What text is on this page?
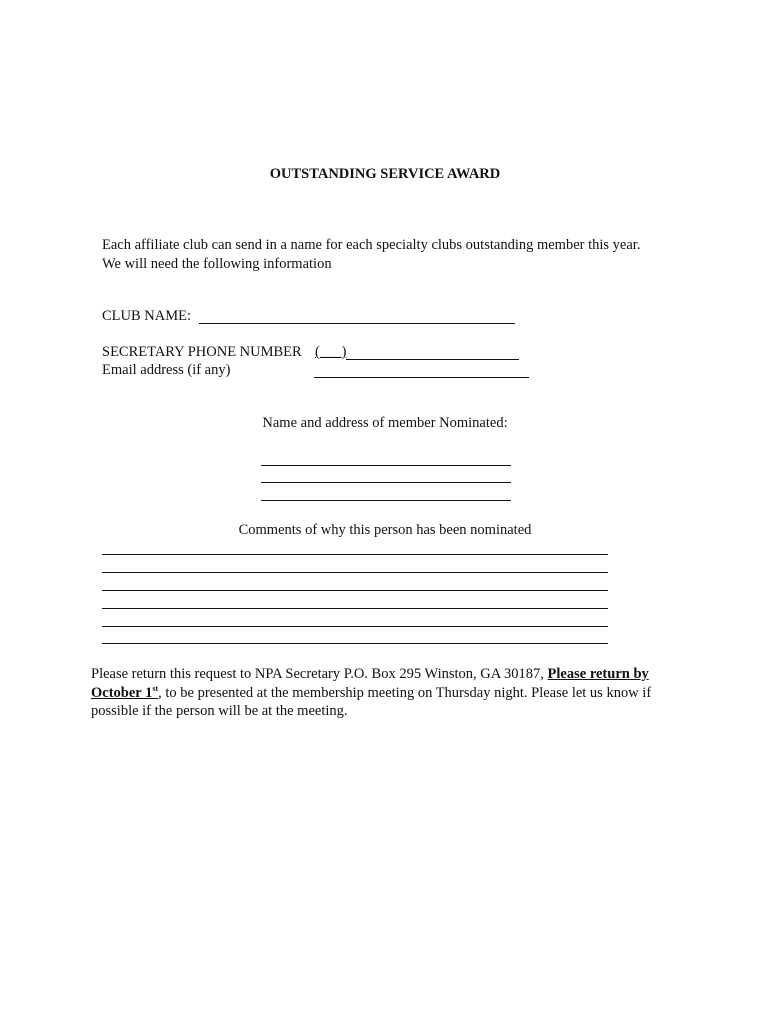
OUTSTANDING SERVICE AWARD
Each affiliate club can send in a name for each specialty clubs outstanding member this year.
We will need the following information
CLUB NAME:
SECRETARY PHONE NUMBER (___)
Email address (if any)
Name and address of member Nominated:
Comments of why this person has been nominated
Please return this request to NPA Secretary P.O. Box 295 Winston, GA 30187, Please return by October 1st, to be presented at the membership meeting on Thursday night. Please let us know if possible if the person will be at the meeting.
